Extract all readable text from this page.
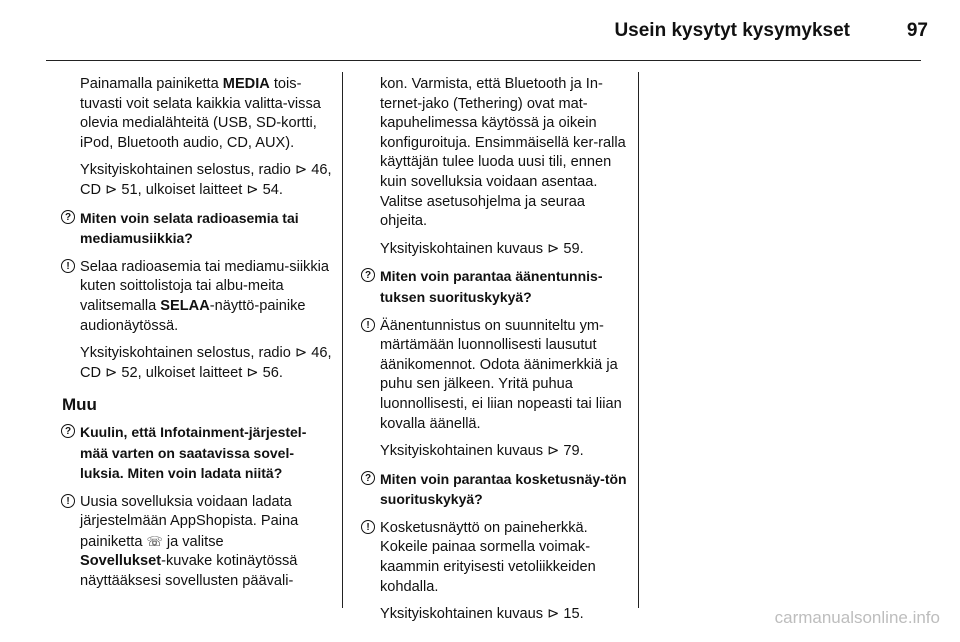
Usein kysytyt kysymykset	97

Painamalla painiketta MEDIA tois-tuvasti voit selata kaikkia valitta-vissa olevia medialähteitä (USB, SD-kortti, iPod, Bluetooth audio, CD, AUX).

Yksityiskohtainen selostus, radio ⊳ 46, CD ⊳ 51, ulkoiset laitteet ⊳ 54.

? Miten voin selata radioasemia tai mediamusiikkia?
! Selaa radioasemia tai mediamu-siikkia kuten soittolistoja tai albu-meita valitsemalla SELAA-näyttö-painike audionäytössä.

Yksityiskohtainen selostus, radio ⊳ 46, CD ⊳ 52, ulkoiset laitteet ⊳ 56.

Muu
? Kuulin, että Infotainment-järjestel-mää varten on saatavissa sovel-luksia. Miten voin ladata niitä?
! Uusia sovelluksia voidaan ladata järjestelmään AppShopista. Paina painiketta ☏ ja valitse
Sovellukset-kuvake kotinäytössä näyttääksesi sovellusten päävali-

kon. Varmista, että Bluetooth ja In-ternet-jako (Tethering) ovat mat-kapuhelimessa käytössä ja oikein konfiguroituja. Ensimmäisellä ker-ralla käyttäjän tulee luoda uusi tili, ennen kuin sovelluksia voidaan asentaa. Valitse asetusohjelma ja seuraa ohjeita.

Yksityiskohtainen kuvaus ⊳ 59.

? Miten voin parantaa äänentunnis-tuksen suorituskykyä?
! Äänentunnistus on suunniteltu ym-märtämään luonnollisesti lausutut äänikomennot. Odota äänimerkkiä ja puhu sen jälkeen. Yritä puhua luonnollisesti, ei liian nopeasti tai liian kovalla äänellä.

Yksityiskohtainen kuvaus ⊳ 79.

? Miten voin parantaa kosketusnäy-tön suorituskykyä?
! Kosketusnäyttö on paineherkkä. Kokeile painaa sormella voimak-kaammin erityisesti vetoliikkeiden kohdalla.

Yksityiskohtainen kuvaus ⊳ 15.	carmanualsonline.info
